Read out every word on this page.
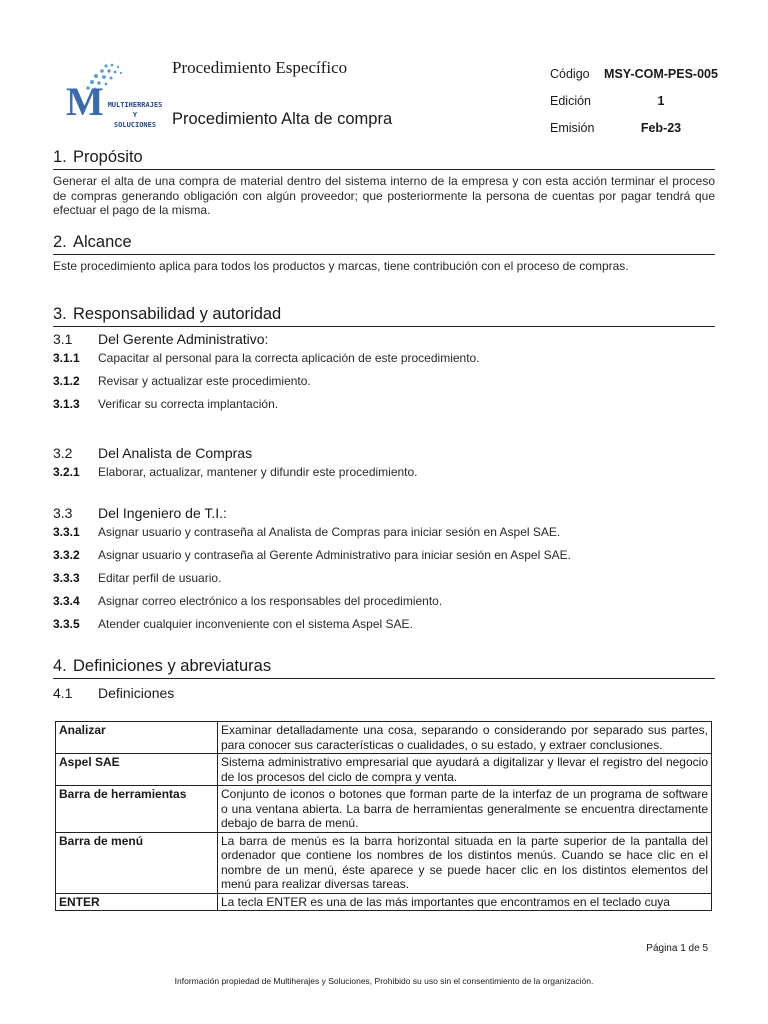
M MULTIHERRAJES
Y
SOLUCIONES
Procedimiento Específico
Procedimiento Alta de compra
Código	MSY-COM-PES-005
Edición	1
Emisión	Feb-23
1. Propósito
Generar el alta de una compra de material dentro del sistema interno de la empresa y con esta acción terminar el proceso de compras generando obligación con algún proveedor; que posteriormente la persona de cuentas por pagar tendrá que efectuar el pago de la misma.
2. Alcance
Este procedimiento aplica para todos los productos y marcas, tiene contribución con el proceso de compras.
3. Responsabilidad y autoridad
3.1	Del Gerente Administrativo:
3.1.1	Capacitar al personal para la correcta aplicación de este procedimiento.
3.1.2	Revisar y actualizar este procedimiento.
3.1.3	Verificar su correcta implantación.
3.2	Del Analista de Compras
3.2.1	Elaborar, actualizar, mantener y difundir este procedimiento.
3.3	Del Ingeniero de T.I.:
3.3.1	Asignar usuario y contraseña al Analista de Compras para iniciar sesión en Aspel SAE.
3.3.2	Asignar usuario y contraseña al Gerente Administrativo para iniciar sesión en Aspel SAE.
3.3.3	Editar perfil de usuario.
3.3.4	Asignar correo electrónico a los responsables del procedimiento.
3.3.5	Atender cualquier inconveniente con el sistema Aspel SAE.
4. Definiciones y abreviaturas
4.1	Definiciones
Analizar	Examinar detalladamente una cosa, separando o considerando por separado sus partes, para conocer sus características o cualidades, o su estado, y extraer conclusiones.
Aspel SAE	Sistema administrativo empresarial que ayudará a digitalizar y llevar el registro del negocio de los procesos del ciclo de compra y venta.
Barra de herramientas	Conjunto de iconos o botones que forman parte de la interfaz de un programa de software o una ventana abierta. La barra de herramientas generalmente se encuentra directamente debajo de barra de menú.
Barra de menú	La barra de menús es la barra horizontal situada en la parte superior de la pantalla del ordenador que contiene los nombres de los distintos menús. Cuando se hace clic en el nombre de un menú, éste aparece y se puede hacer clic en los distintos elementos del menú para realizar diversas tareas.
ENTER	La tecla ENTER es una de las más importantes que encontramos en el teclado cuya
Página 1 de 5
Información propiedad de Multiherajes y Soluciones, Prohibido su uso sin el consentimiento de la organización.
